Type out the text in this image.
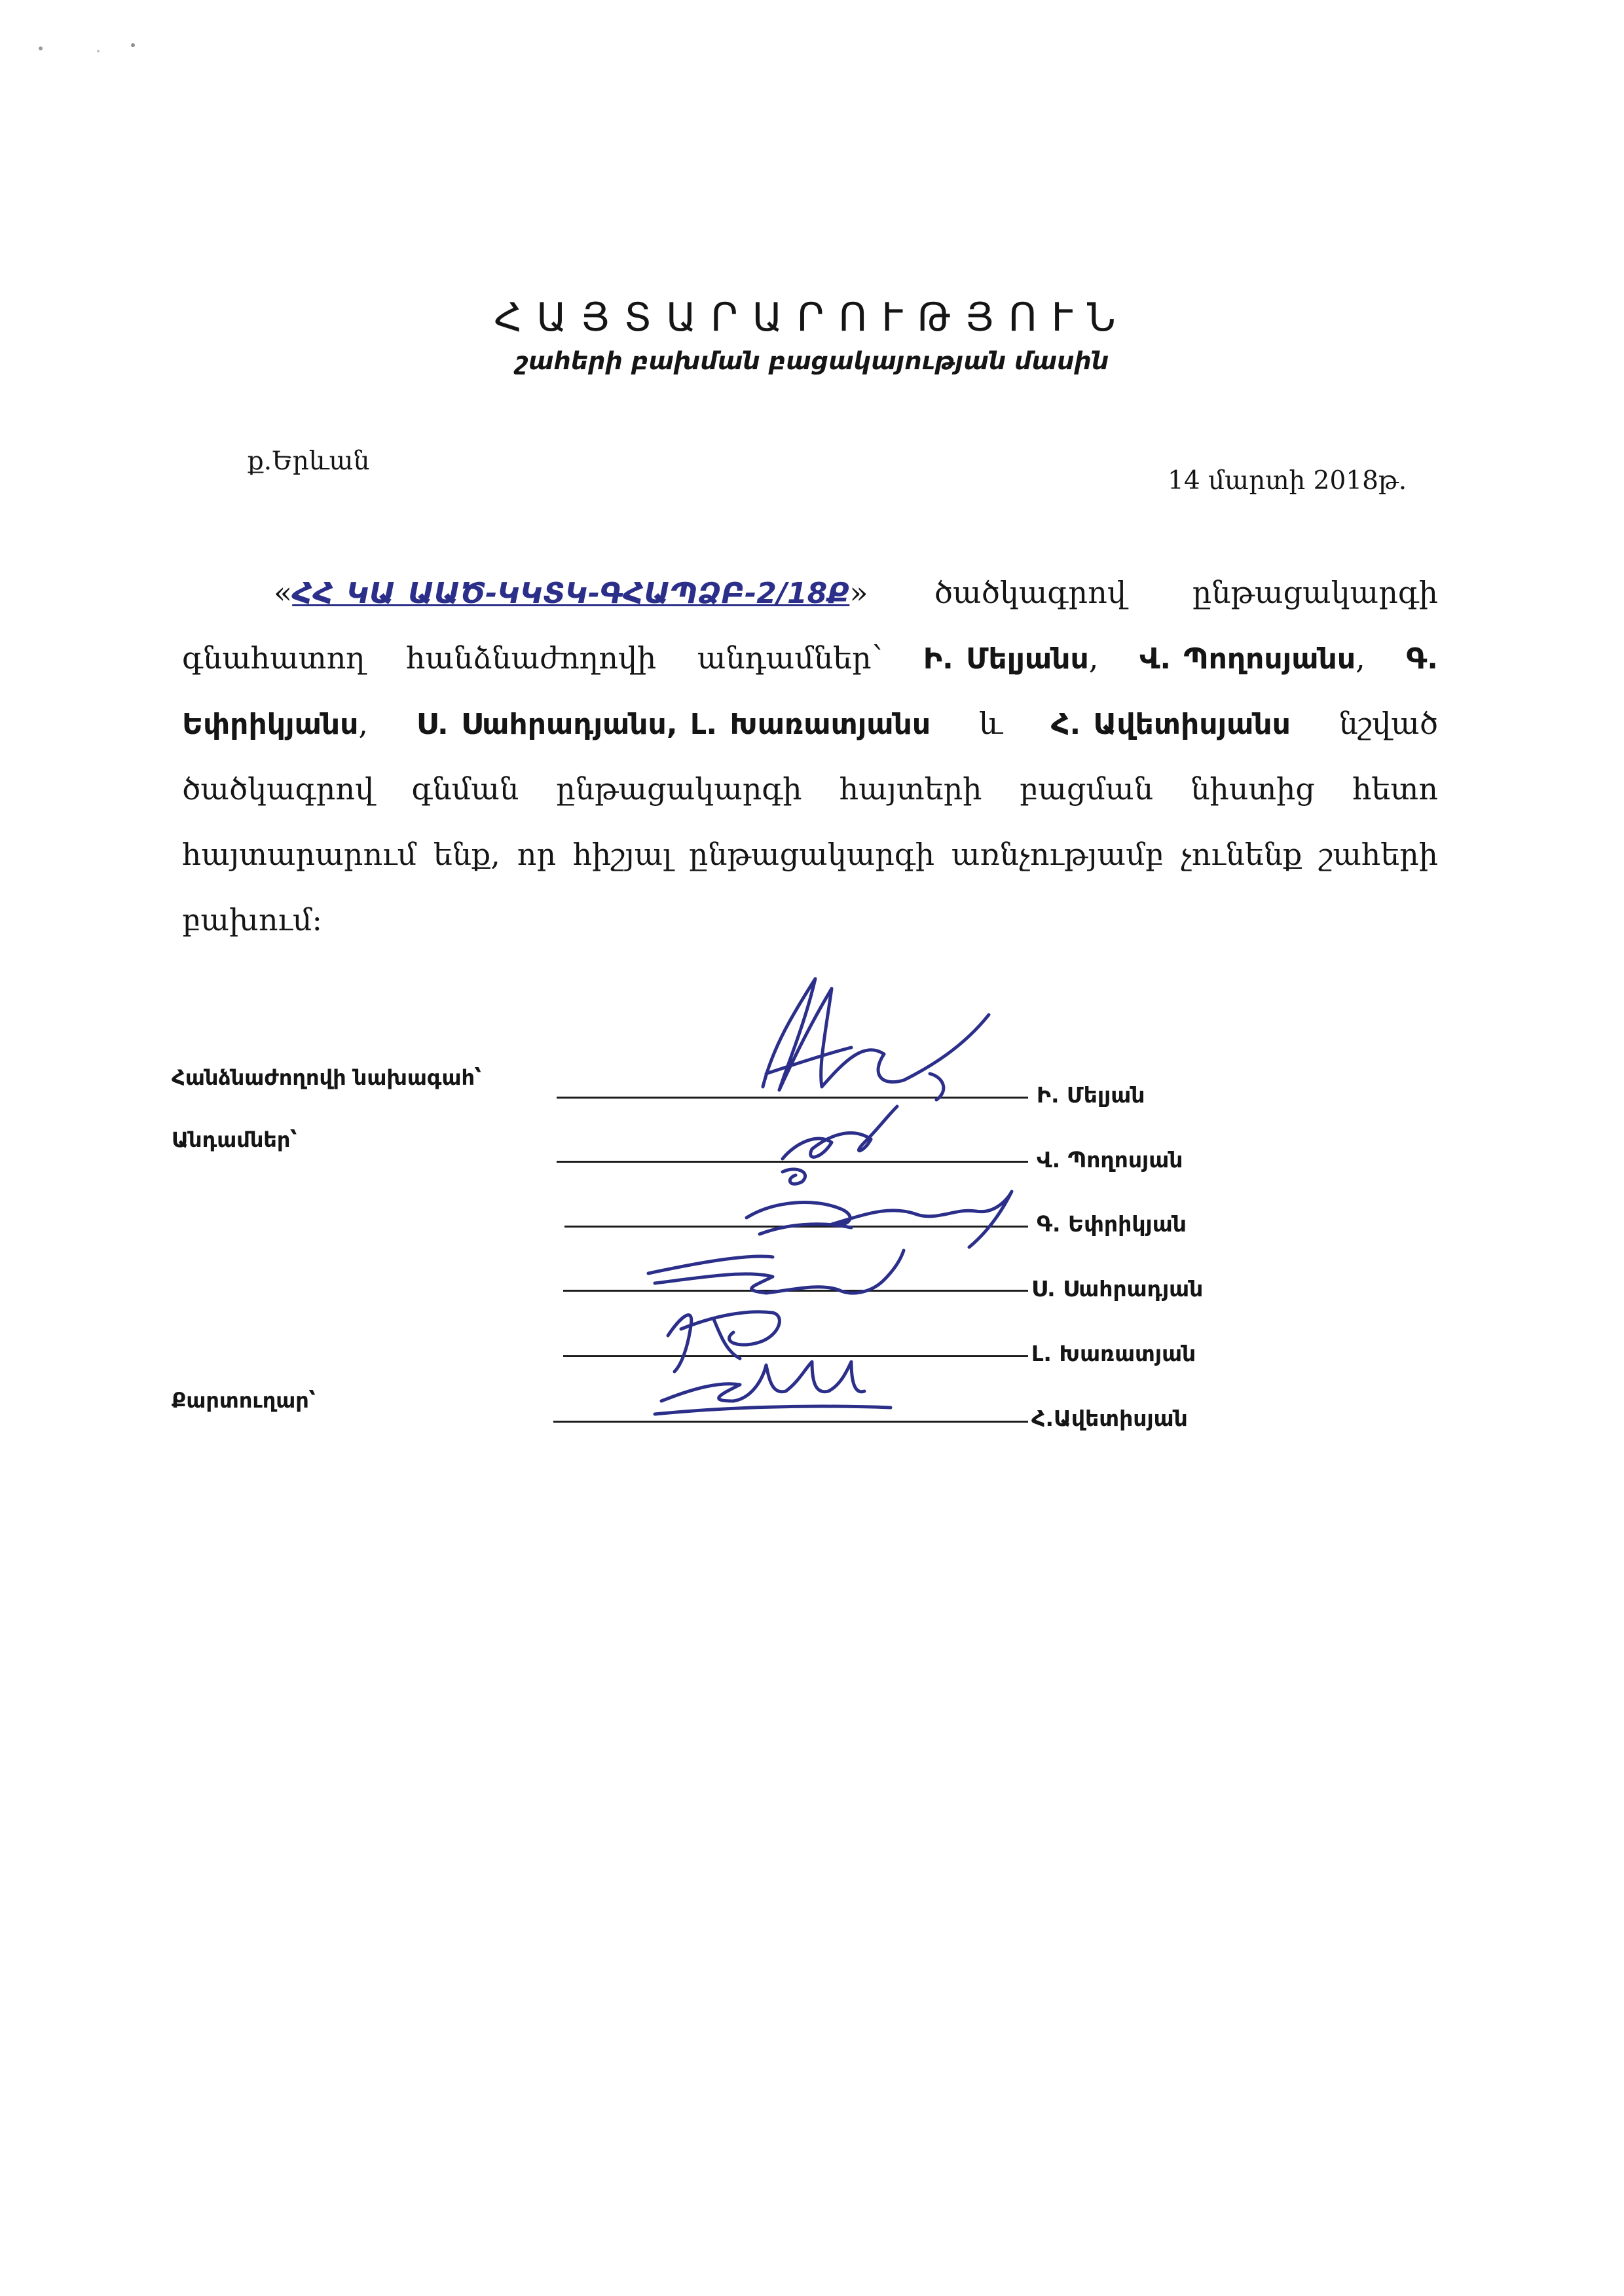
ՀԱՅՏԱՐԱՐՈՒԹՅՈՒՆ
շահերի բախման բացակայության մասին
ք.Երևան
14 մարտի 2018թ.
«ՀՀ ԿԱ ԱԱԾ-ԿԿՏԿ-ԳՀԱՊՁԲ-2/18Ք» ծածկագրով ընթացակարգի
գնահատող հանձնաժողովի անդամներ՝ Ի. Մելյանս, Վ. Պողոսյանս, Գ.
Եփրիկյանս, Ս. Սահրադյանս, Լ. Խառատյանս և Հ. Ավետիսյանս նշված
ծածկագրով գնման ընթացակարգի հայտերի բացման նիստից հետո
հայտարարում ենք, որ հիշյալ ընթացակարգի առնչությամբ չունենք շահերի
բախում:
Հանձնաժողովի նախագահ՝
Անդամներ՝
Քարտուղար՝
Ի. Մելյան
Վ. Պողոսյան
Գ. Եփրիկյան
Ս. Սահրադյան
Լ. Խառատյան
Հ.Ավետիսյան
